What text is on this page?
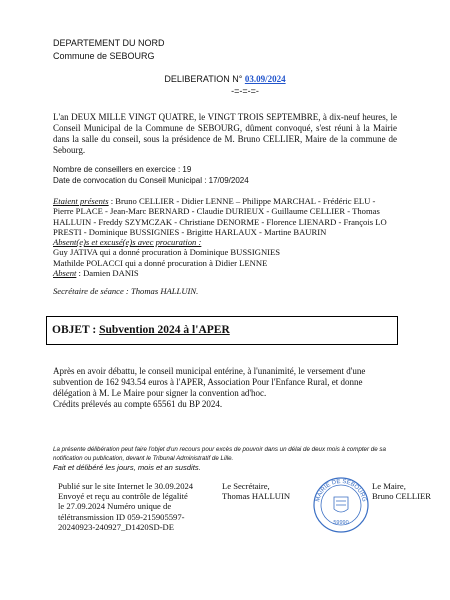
DEPARTEMENT DU NORD
Commune de SEBOURG
DELIBERATION N° 03.09/2024
-=-=-=-
L'an DEUX MILLE VINGT QUATRE, le VINGT TROIS SEPTEMBRE, à dix-neuf heures, le Conseil Municipal de la Commune de SEBOURG, dûment convoqué, s'est réuni à la Mairie dans la salle du conseil, sous la présidence de M. Bruno CELLIER, Maire de la commune de Sebourg.
Nombre de conseillers en exercice : 19
Date de convocation du Conseil Municipal : 17/09/2024
Etaient présents : Bruno CELLIER - Didier LENNE – Philippe MARCHAL - Frédéric ELU - Pierre PLACE - Jean-Marc BERNARD - Claudie DURIEUX - Guillaume CELLIER - Thomas HALLUIN - Freddy SZYMCZAK - Christiane DENORME - Florence LIENARD - François LO PRESTI - Dominique BUSSIGNIES - Brigitte HARLAUX - Martine BAURIN
Absent(e)s et excusé(e)s avec procuration :
Guy JATIVA qui a donné procuration à Dominique BUSSIGNIES
Mathilde POLACCI qui a donné procuration à Didier LENNE
Absent : Damien DANIS
Secrétaire de séance : Thomas HALLUIN.
OBJET : Subvention 2024 à l'APER
Après en avoir débattu, le conseil municipal entérine, à l'unanimité, le versement d'une subvention de 162 943.54 euros à l'APER, Association Pour l'Enfance Rural, et donne délégation à M. Le Maire pour signer la convention ad'hoc.
Crédits prélevés au compte 65561 du BP 2024.
La présente délibération peut faire l'objet d'un recours pour excès de pouvoir dans un délai de deux mois à compter de sa notification ou publication, devant le Tribunal Administratif de Lille.
Fait et délibéré les jours, mois et an susdits.
Publié sur le site Internet le 30.09.2024
Envoyé et reçu au contrôle de légalité
le 27.09.2024 Numéro unique de
télétransmission ID 059-215905597-
20240923-240927_D1420SD-DE
Le Secrétaire,
Thomas HALLUIN	MAIRIE DE SEBOURG
59990
Le Maire,
Bruno CELLIER
